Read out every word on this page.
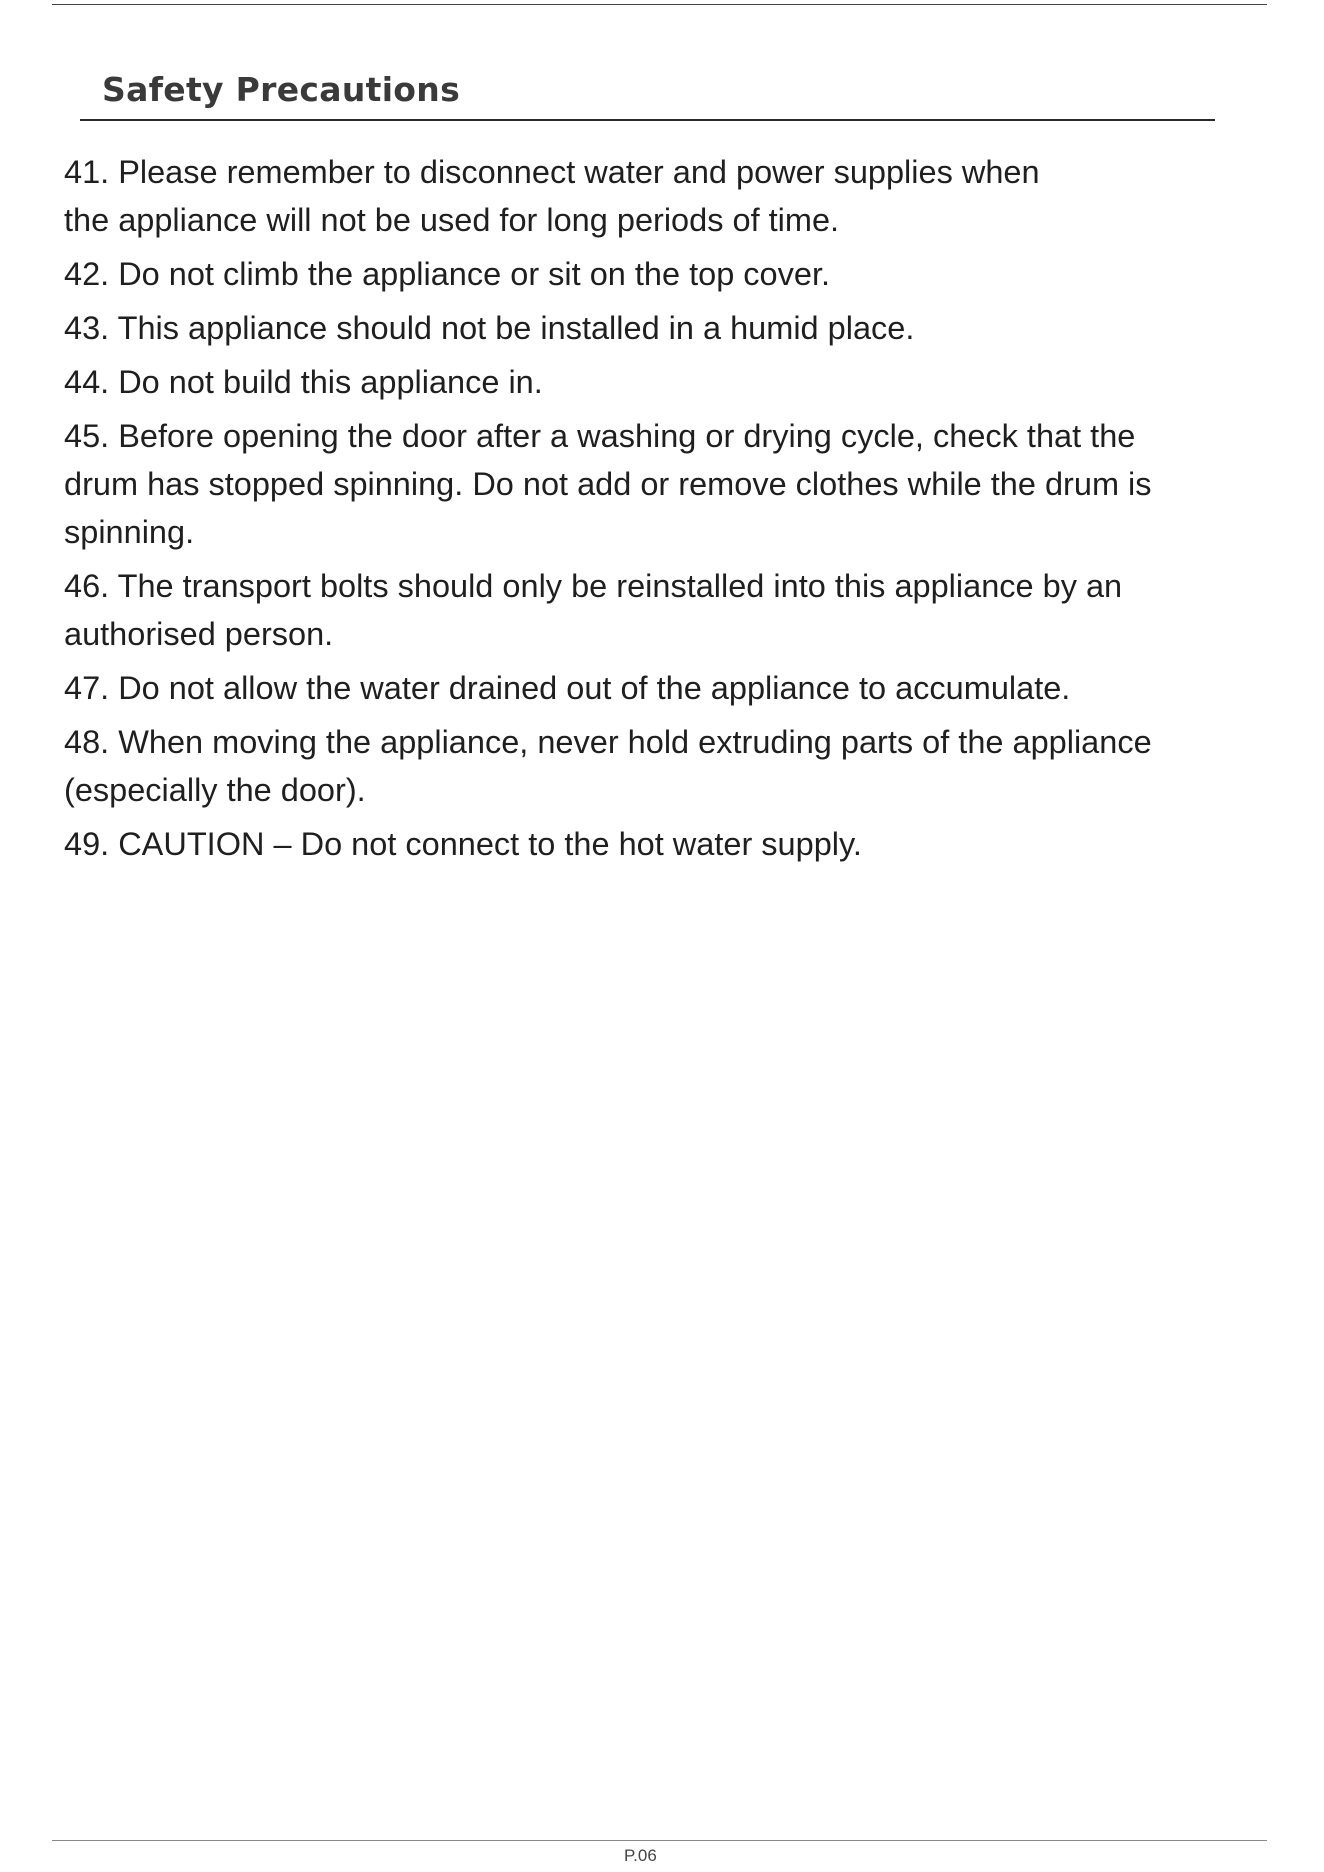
Safety Precautions

41. Please remember to disconnect water and power supplies when
the appliance will not be used for long periods of time.

42. Do not climb the appliance or sit on the top cover.

43. This appliance should not be installed in a humid place.

44. Do not build this appliance in.

45. Before opening the door after a washing or drying cycle, check that the
drum has stopped spinning. Do not add or remove clothes while the drum is
spinning.

46. The transport bolts should only be reinstalled into this appliance by an
authorised person.

47. Do not allow the water drained out of the appliance to accumulate.

48. When moving the appliance, never hold extruding parts of the appliance
(especially the door).

49. CAUTION – Do not connect to the hot water supply.

P.06
